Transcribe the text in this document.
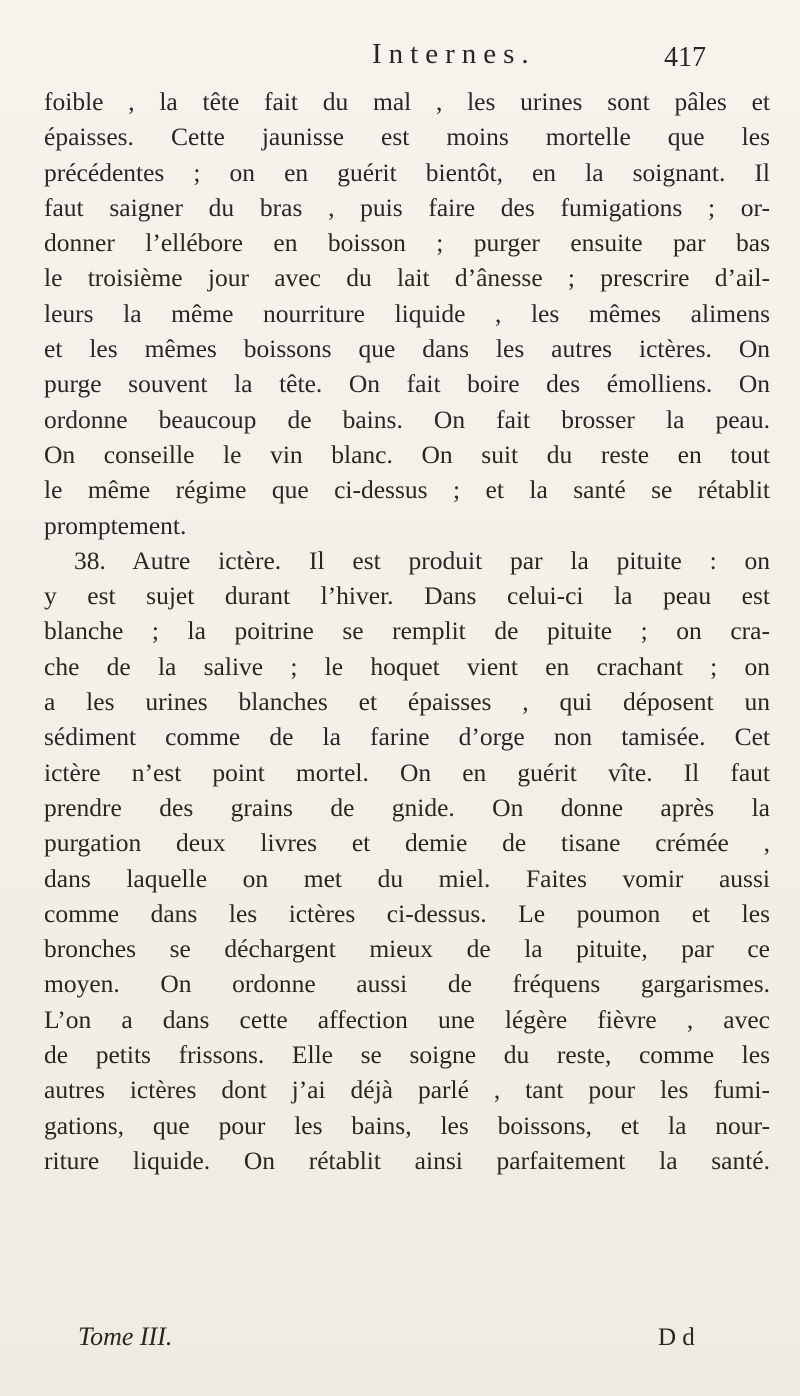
Internes.	417
foible , la tête fait du mal , les urines sont pâles et
épaisses. Cette jaunisse est moins mortelle que les
précédentes ; on en guérit bientôt, en la soignant. Il
faut saigner du bras , puis faire des fumigations ; or-
donner l’ellébore en boisson ; purger ensuite par bas
le troisième jour avec du lait d’ânesse ; prescrire d’ail-
leurs la même nourriture liquide , les mêmes alimens
et les mêmes boissons que dans les autres ictères. On
purge souvent la tête. On fait boire des émolliens. On
ordonne beaucoup de bains. On fait brosser la peau.
On conseille le vin blanc. On suit du reste en tout
le même régime que ci-dessus ; et la santé se rétablit
promptement.
38. Autre ictère. Il est produit par la pituite : on
y est sujet durant l’hiver. Dans celui-ci la peau est
blanche ; la poitrine se remplit de pituite ; on cra-
che de la salive ; le hoquet vient en crachant ; on
a les urines blanches et épaisses , qui déposent un
sédiment comme de la farine d’orge non tamisée. Cet
ictère n’est point mortel. On en guérit vîte. Il faut
prendre des grains de gnide. On donne après la
purgation deux livres et demie de tisane crémée ,
dans laquelle on met du miel. Faites vomir aussi
comme dans les ictères ci-dessus. Le poumon et les
bronches se déchargent mieux de la pituite, par ce
moyen. On ordonne aussi de fréquens gargarismes.
L’on a dans cette affection une légère fièvre , avec
de petits frissons. Elle se soigne du reste, comme les
autres ictères dont j’ai déjà parlé , tant pour les fumi-
gations, que pour les bains, les boissons, et la nour-
riture liquide. On rétablit ainsi parfaitement la santé.
Tome III.	D d
